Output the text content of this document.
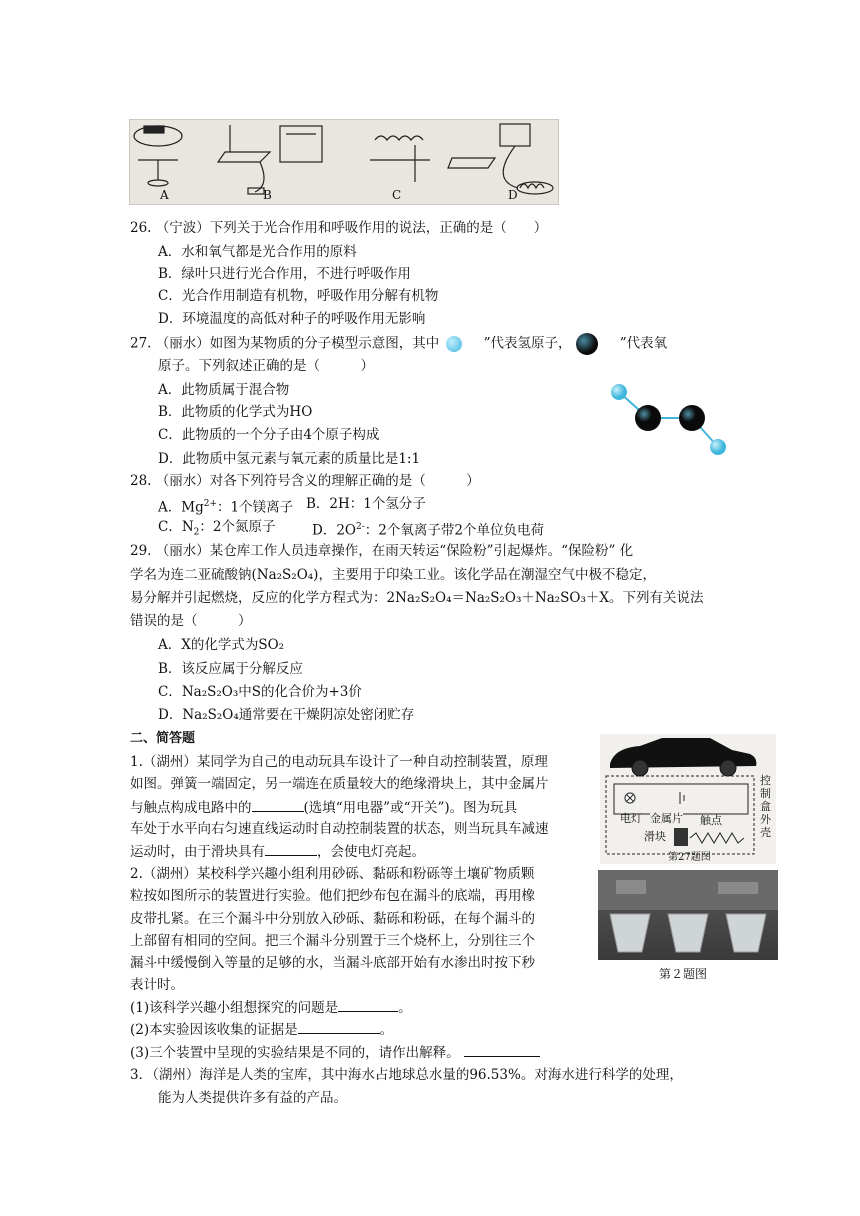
A	B	C	D
26. （宁波）下列关于光合作用和呼吸作用的说法，正确的是（　　）
A．水和氧气都是光合作用的原料
B．绿叶只进行光合作用，不进行呼吸作用
C．光合作用制造有机物，呼吸作用分解有机物
D．环境温度的高低对种子的呼吸作用无影响
27. （丽水）如图为某物质的分子模型示意图，其中	”代表氢原子，	”代表氧
原子。下列叙述正确的是（　　　）
A．此物质属于混合物
B．此物质的化学式为HO
C．此物质的一个分子由4个原子构成
D．此物质中氢元素与氧元素的质量比是1:1
28. （丽水）对各下列符号含义的理解正确的是（　　　）
A．$Mg^{2+}$：1个镁离子 B．2H：1个氢分子
C．$N_2$：2个氮原子	D．$2O^{2-}$：2个氧离子带2个单位负电荷
29. （丽水）某仓库工作人员违章操作，在雨天转运“保险粉”引起爆炸。“保险粉” 化
学名为连二亚硫酸钠(Na₂S₂O₄)，主要用于印染工业。该化学品在潮湿空气中极不稳定，
易分解并引起燃烧，反应的化学方程式为：2Na₂S₂O₄＝Na₂S₂O₃＋Na₂SO₃＋X。下列有关说法
错误的是（　　　）
A．X的化学式为SO₂
B．该反应属于分解反应
C．Na₂S₂O₃中S的化合价为+3价
D．Na₂S₂O₄通常要在干燥阴凉处密闭贮存
二、简答题
1.（湖州）某同学为自己的电动玩具车设计了一种自动控制装置，原理
如图。弹簧一端固定，另一端连在质量较大的绝缘滑块上，其中金属片
与触点构成电路中的	(选填“用电器”或“开关”)。图为玩具
车处于水平向右匀速直线运动时自动控制装置的状态，则当玩具车减速
运动时，由于滑块具有	，会使电灯亮起。
电灯 金属片 触点
滑块
控制盒外壳
第27题图
2.（湖州）某校科学兴趣小组利用砂砾、黏砾和粉砾等土壤矿物质颗
粒按如图所示的装置进行实验。他们把纱布包在漏斗的底端，再用橡
皮带扎紧。在三个漏斗中分别放入砂砾、黏砾和粉砾，在每个漏斗的
上部留有相同的空间。把三个漏斗分别置于三个烧杯上，分别往三个
漏斗中缓慢倒入等量的足够的水，当漏斗底部开始有水渗出时按下秒
表计时。
第２题图
(1)该科学兴趣小组想探究的问题是	。
(2)本实验因该收集的证据是	。
(3)三个装置中呈现的实验结果是不同的，请作出解释。
3．（湖州）海洋是人类的宝库，其中海水占地球总水量的96.53%。对海水进行科学的处理，
能为人类提供许多有益的产品。
